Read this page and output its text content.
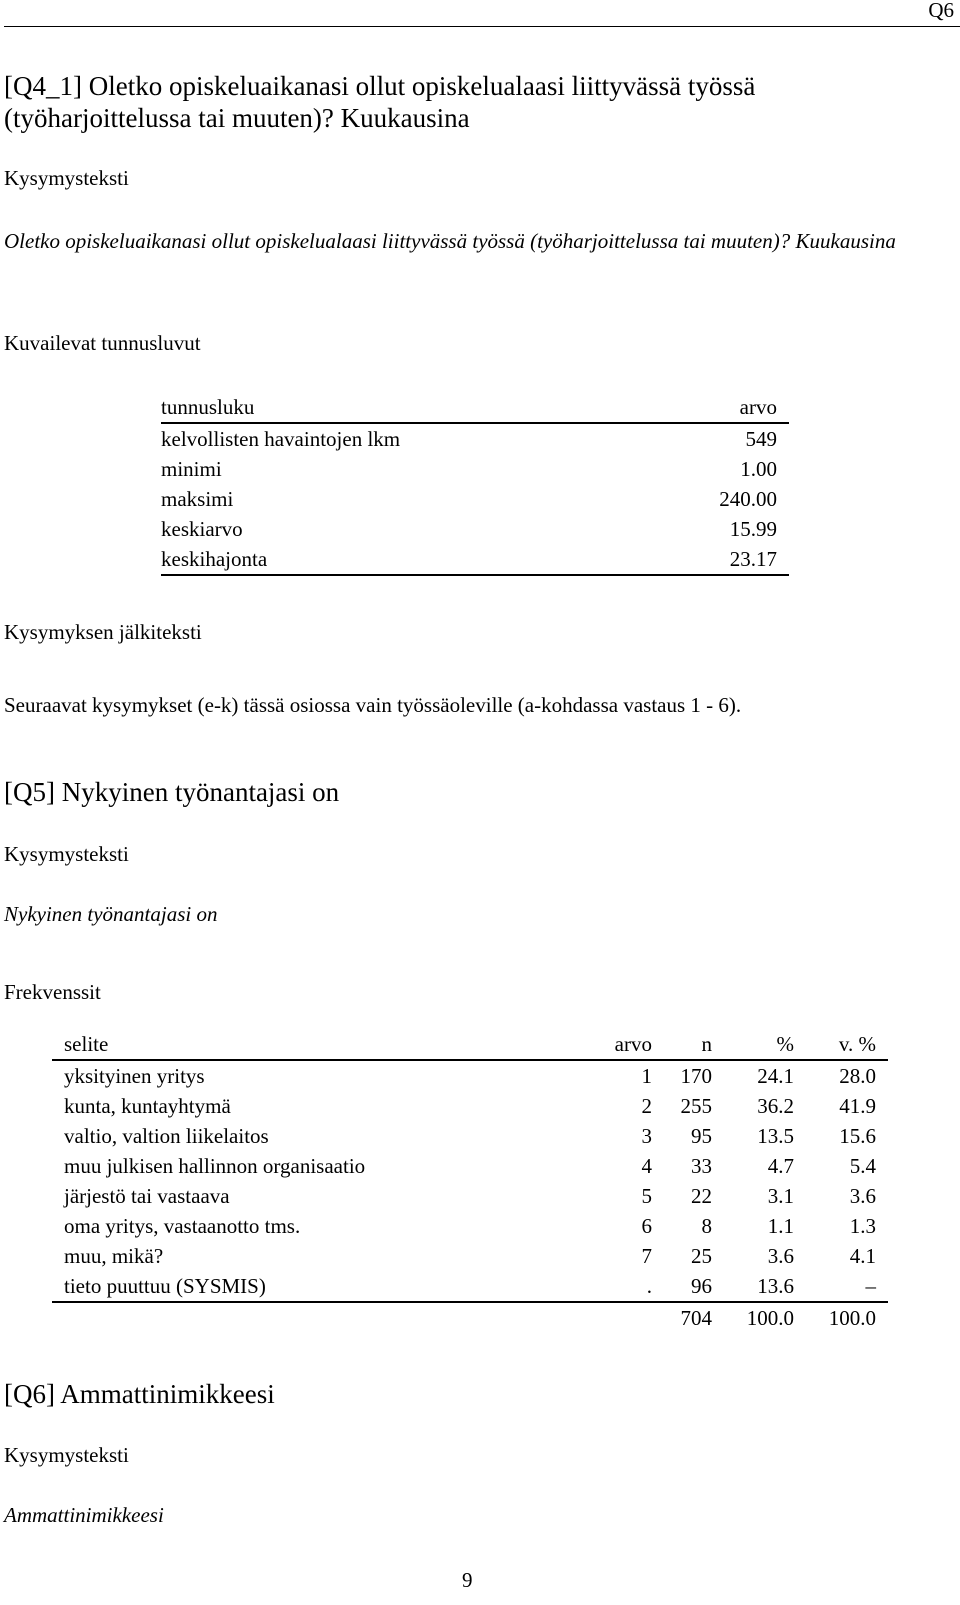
Q6
[Q4_1] Oletko opiskeluaikanasi ollut opiskelualaasi liittyvässä työssä (työharjoittelussa tai muuten)? Kuukausina
Kysymysteksti
Oletko opiskeluaikanasi ollut opiskelualaasi liittyvässä työssä (työharjoittelussa tai muuten)? Kuukausina
Kuvailevat tunnusluvut
tunnusluku	arvo
kelvollisten havaintojen lkm	549
minimi	1.00
maksimi	240.00
keskiarvo	15.99
keskihajonta	23.17
Kysymyksen jälkiteksti
Seuraavat kysymykset (e-k) tässä osiossa vain työssäoleville (a-kohdassa vastaus 1 - 6).
[Q5] Nykyinen työnantajasi on
Kysymysteksti
Nykyinen työnantajasi on
Frekvenssit
selite	arvo	n	%	v. %
yksityinen yritys	1	170	24.1	28.0
kunta, kuntayhtymä	2	255	36.2	41.9
valtio, valtion liikelaitos	3	95	13.5	15.6
muu julkisen hallinnon organisaatio	4	33	4.7	5.4
järjestö tai vastaava	5	22	3.1	3.6
oma yritys, vastaanotto tms.	6	8	1.1	1.3
muu, mikä?	7	25	3.6	4.1
tieto puuttuu (SYSMIS)	.	96	13.6	–
		704	100.0	100.0
[Q6] Ammattinimikkeesi
Kysymysteksti
Ammattinimikkeesi
9
